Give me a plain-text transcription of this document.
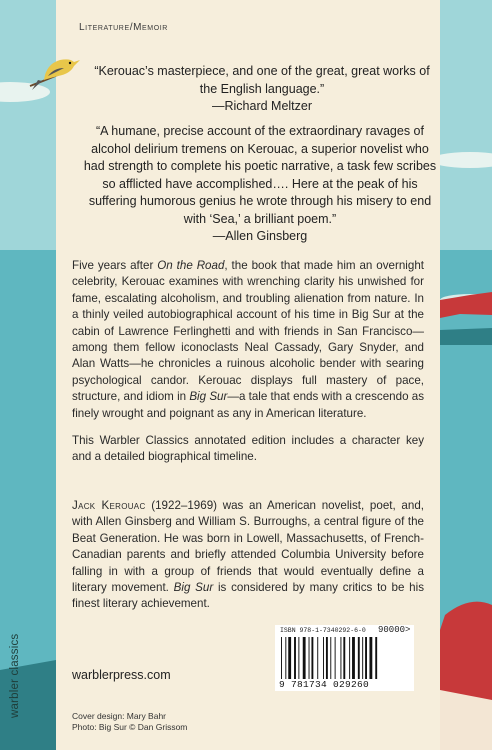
Literature/Memoir
“Kerouac’s masterpiece, and one of the great, great works of the English language.”
—Richard Meltzer
“A humane, precise account of the extraordinary ravages of alcohol delirium tremens on Kerouac, a superior novelist who had strength to complete his poetic narrative, a task few scribes so afflicted have accomplished…. Here at the peak of his suffering humorous genius he wrote through his misery to end with ‘Sea,’ a brilliant poem.”
—Allen Ginsberg
Five years after On the Road, the book that made him an overnight celebrity, Kerouac examines with wrenching clarity his unwished for fame, escalating alcoholism, and troubling alienation from nature. In a thinly veiled autobiographical account of his time in Big Sur at the cabin of Lawrence Ferlinghetti and with friends in San Francisco—among them fellow iconoclasts Neal Cassady, Gary Snyder, and Alan Watts—he chronicles a ruinous alcoholic bender with searing psychological candor. Kerouac displays full mastery of pace, structure, and idiom in Big Sur—a tale that ends with a crescendo as finely wrought and poignant as any in American literature.
This Warbler Classics annotated edition includes a character key and a detailed biographical timeline.
Jack Kerouac (1922–1969) was an American novelist, poet, and, with Allen Ginsberg and William S. Burroughs, a central figure of the Beat Generation. He was born in Lowell, Massachusetts, of French-Canadian parents and briefly attended Columbia University before falling in with a group of friends that would eventually define a literary movement. Big Sur is considered by many critics to be his finest literary achievement.
warblerpress.com
Cover design: Mary Bahr
Photo: Big Sur © Dan Grissom
warbler classics
ISBN 978-1-7340292-6-0 90000>
9 781734 029260
